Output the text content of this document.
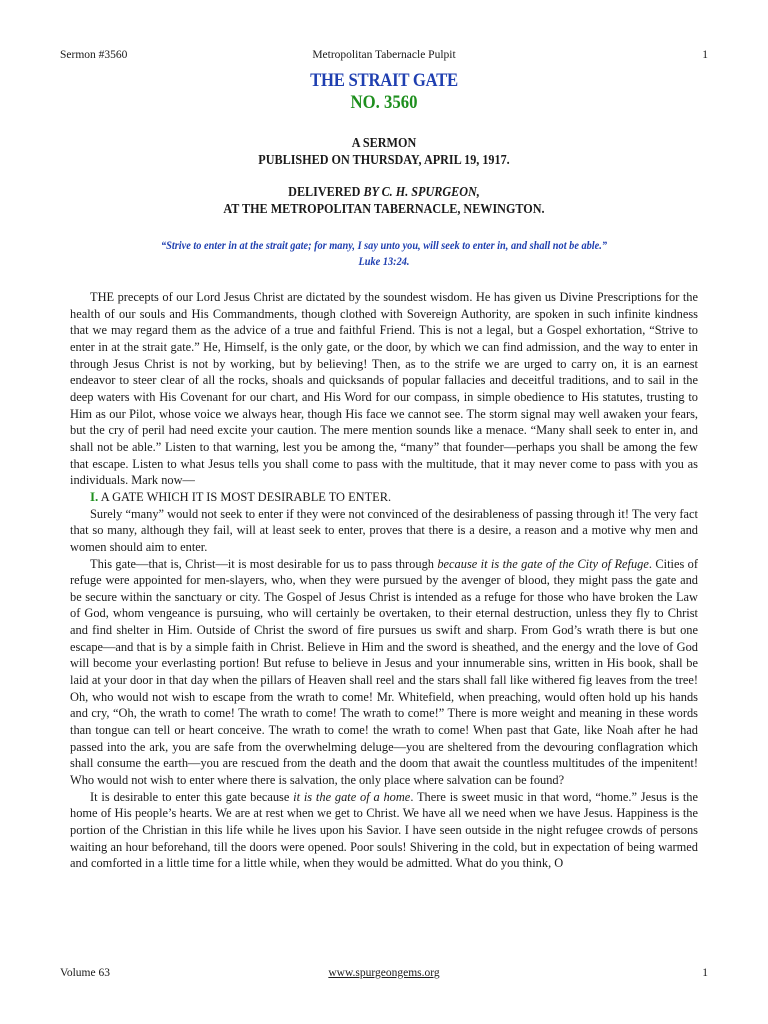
Sermon #3560	Metropolitan Tabernacle Pulpit	1
THE STRAIT GATE
NO. 3560
A SERMON
PUBLISHED ON THURSDAY, APRIL 19, 1917.
DELIVERED BY C. H. SPURGEON,
AT THE METROPOLITAN TABERNACLE, NEWINGTON.
“Strive to enter in at the strait gate; for many, I say unto you, will seek to enter in, and shall not be able.”
Luke 13:24.

THE precepts of our Lord Jesus Christ are dictated by the soundest wisdom. He has given us Divine Prescriptions for the health of our souls and His Commandments, though clothed with Sovereign Authority, are spoken in such infinite kindness that we may regard them as the advice of a true and faithful Friend. This is not a legal, but a Gospel exhortation, “Strive to enter in at the strait gate.” He, Himself, is the only gate, or the door, by which we can find admission, and the way to enter in through Jesus Christ is not by working, but by believing! Then, as to the strife we are urged to carry on, it is an earnest endeavor to steer clear of all the rocks, shoals and quicksands of popular fallacies and deceitful traditions, and to sail in the deep waters with His Covenant for our chart, and His Word for our compass, in simple obedience to His statutes, trusting to Him as our Pilot, whose voice we always hear, though His face we cannot see. The storm signal may well awaken your fears, but the cry of peril had need excite your caution. The mere mention sounds like a menace. “Many shall seek to enter in, and shall not be able.” Listen to that warning, lest you be among the, “many” that founder—perhaps you shall be among the few that escape. Listen to what Jesus tells you shall come to pass with the multitude, that it may never come to pass with you as individuals. Mark now—

I. A GATE WHICH IT IS MOST DESIRABLE TO ENTER.

Surely “many” would not seek to enter if they were not convinced of the desirableness of passing through it! The very fact that so many, although they fail, will at least seek to enter, proves that there is a desire, a reason and a motive why men and women should aim to enter.

This gate—that is, Christ—it is most desirable for us to pass through because it is the gate of the City of Refuge. Cities of refuge were appointed for men-slayers, who, when they were pursued by the avenger of blood, they might pass the gate and be secure within the sanctuary or city. The Gospel of Jesus Christ is intended as a refuge for those who have broken the Law of God, whom vengeance is pursuing, who will certainly be overtaken, to their eternal destruction, unless they fly to Christ and find shelter in Him. Outside of Christ the sword of fire pursues us swift and sharp. From God’s wrath there is but one escape—and that is by a simple faith in Christ. Believe in Him and the sword is sheathed, and the energy and the love of God will become your everlasting portion! But refuse to believe in Jesus and your innumerable sins, written in His book, shall be laid at your door in that day when the pillars of Heaven shall reel and the stars shall fall like withered fig leaves from the tree! Oh, who would not wish to escape from the wrath to come! Mr. Whitefield, when preaching, would often hold up his hands and cry, “Oh, the wrath to come! The wrath to come! The wrath to come!” There is more weight and meaning in these words than tongue can tell or heart conceive. The wrath to come! the wrath to come! When past that Gate, like Noah after he had passed into the ark, you are safe from the overwhelming deluge—you are sheltered from the devouring conflagration which shall consume the earth—you are rescued from the death and the doom that await the countless multitudes of the impenitent! Who would not wish to enter where there is salvation, the only place where salvation can be found?

It is desirable to enter this gate because it is the gate of a home. There is sweet music in that word, “home.” Jesus is the home of His people’s hearts. We are at rest when we get to Christ. We have all we need when we have Jesus. Happiness is the portion of the Christian in this life while he lives upon his Savior. I have seen outside in the night refugee crowds of persons waiting an hour beforehand, till the doors were opened. Poor souls! Shivering in the cold, but in expectation of being warmed and comforted in a little time for a little while, when they would be admitted. What do you think, O

Volume 63	www.spurgeongems.org	1
